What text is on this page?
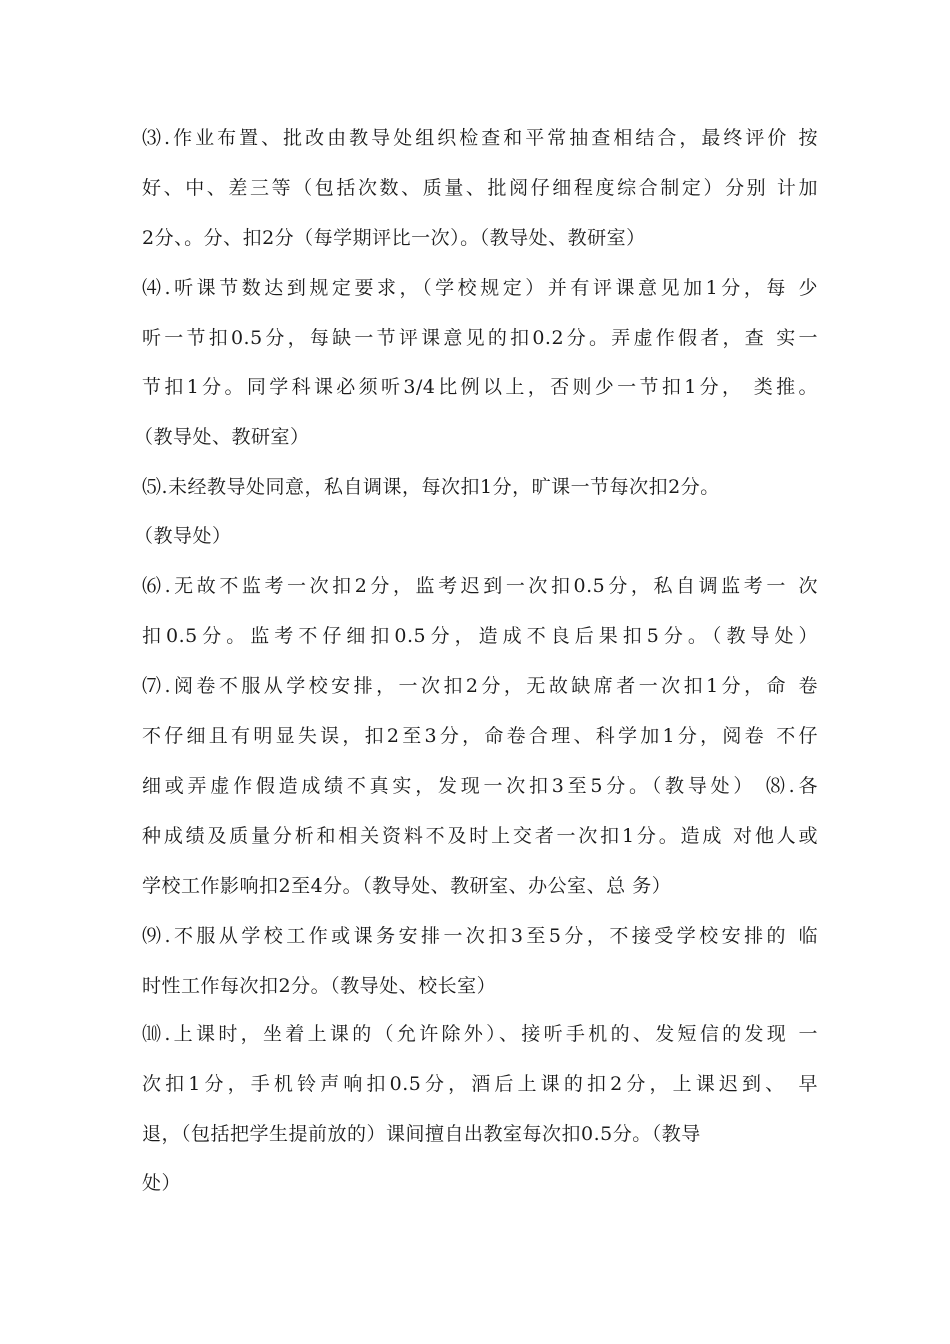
⑶.作业布置、批改由教导处组织检查和平常抽查相结合，最终评价 按
好、中、差三等（包括次数、质量、批阅仔细程度综合制定）分别 计加
2分、。分、扣2分（每学期评比一次）。（教导处、教研室）
⑷.听课节数达到规定要求，（学校规定）并有评课意见加1分，每 少
听一节扣0.5分，每缺一节评课意见的扣0.2分。弄虚作假者，查 实一
节扣1分。同学科课必须听3/4比例以上，否则少一节扣1分， 类推。
（教导处、教研室）
⑸.未经教导处同意，私自调课，每次扣1分，旷课一节每次扣2分。
（教导处）
⑹.无故不监考一次扣2分，监考迟到一次扣0.5分，私自调监考一 次
扣0.5分。监考不仔细扣0.5分，造成不良后果扣5分。（教导处）
⑺.阅卷不服从学校安排，一次扣2分，无故缺席者一次扣1分，命 卷
不仔细且有明显失误，扣2至3分，命卷合理、科学加1分，阅卷 不仔
细或弄虚作假造成绩不真实，发现一次扣3至5分。（教导处） ⑻.各
种成绩及质量分析和相关资料不及时上交者一次扣1分。造成 对他人或
学校工作影响扣2至4分。（教导处、教研室、办公室、总 务）
⑼.不服从学校工作或课务安排一次扣3至5分，不接受学校安排的 临
时性工作每次扣2分。（教导处、校长室）
⑽.上课时，坐着上课的（允许除外）、接听手机的、发短信的发现 一
次扣1分，手机铃声响扣0.5分，酒后上课的扣2分，上课迟到、 早
退，（包括把学生提前放的）课间擅自出教室每次扣0.5分。（教导
处）
